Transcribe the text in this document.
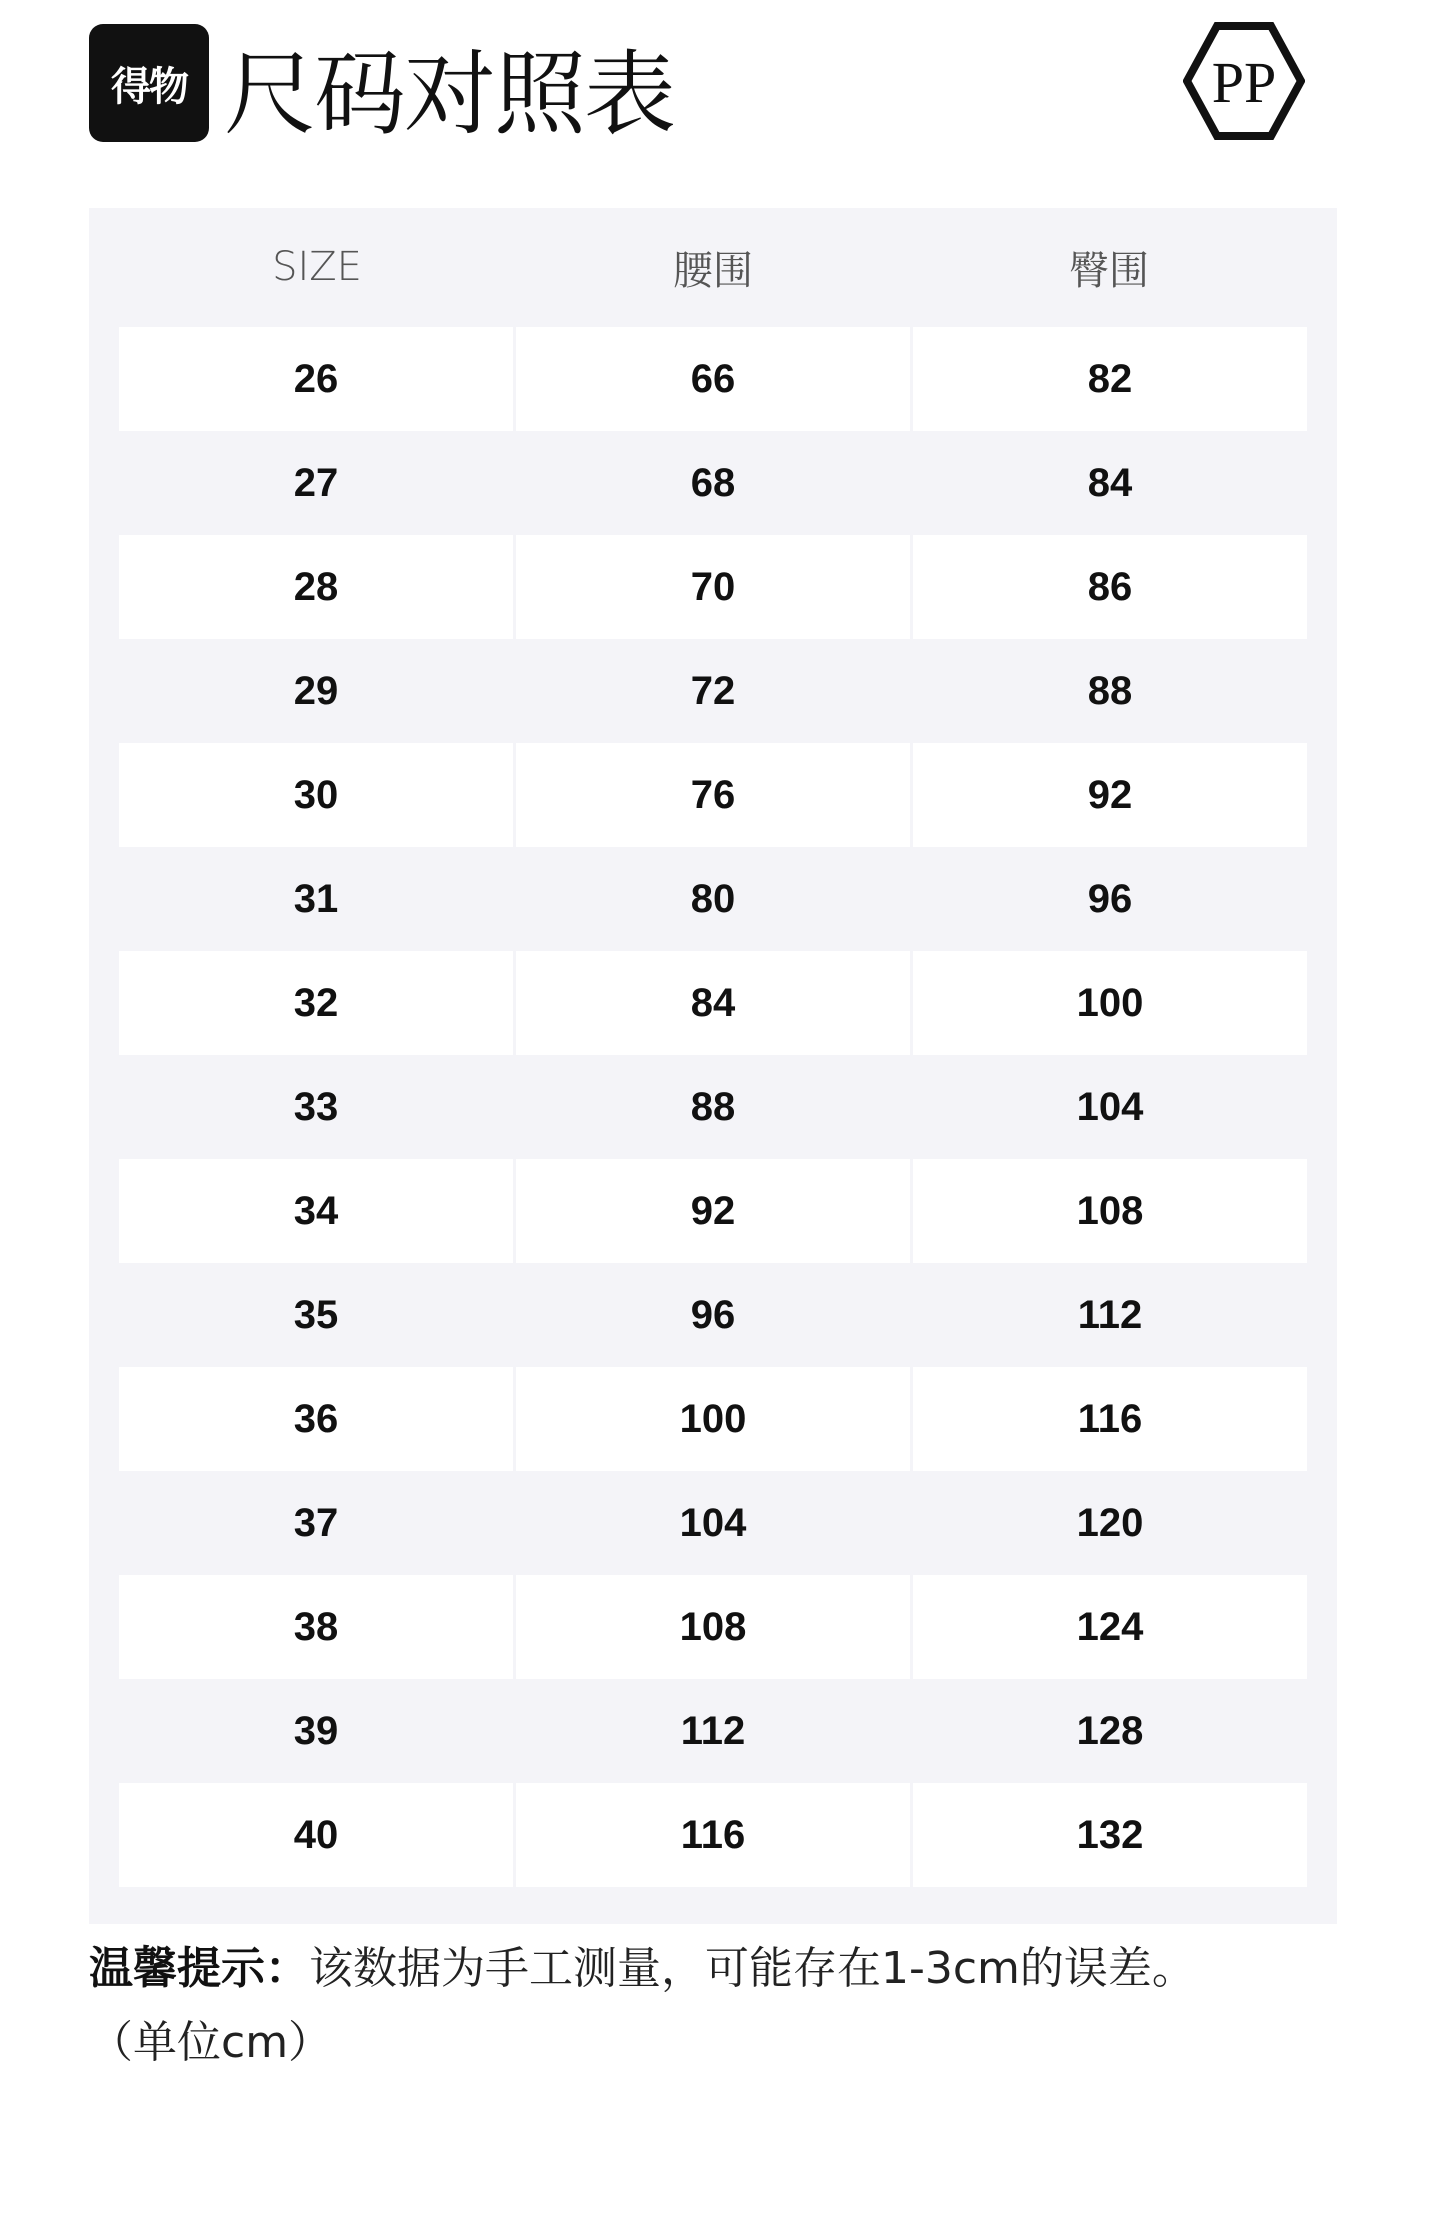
得物 尺码对照表	PP
SIZE	腰围	臀围
26	66	82
27	68	84
28	70	86
29	72	88
30	76	92
31	80	96
32	84	100
33	88	104
34	92	108
35	96	112
36	100	116
37	104	120
38	108	124
39	112	128
40	116	132
温馨提示：该数据为手工测量，可能存在1-3cm的误差。
（单位cm）
